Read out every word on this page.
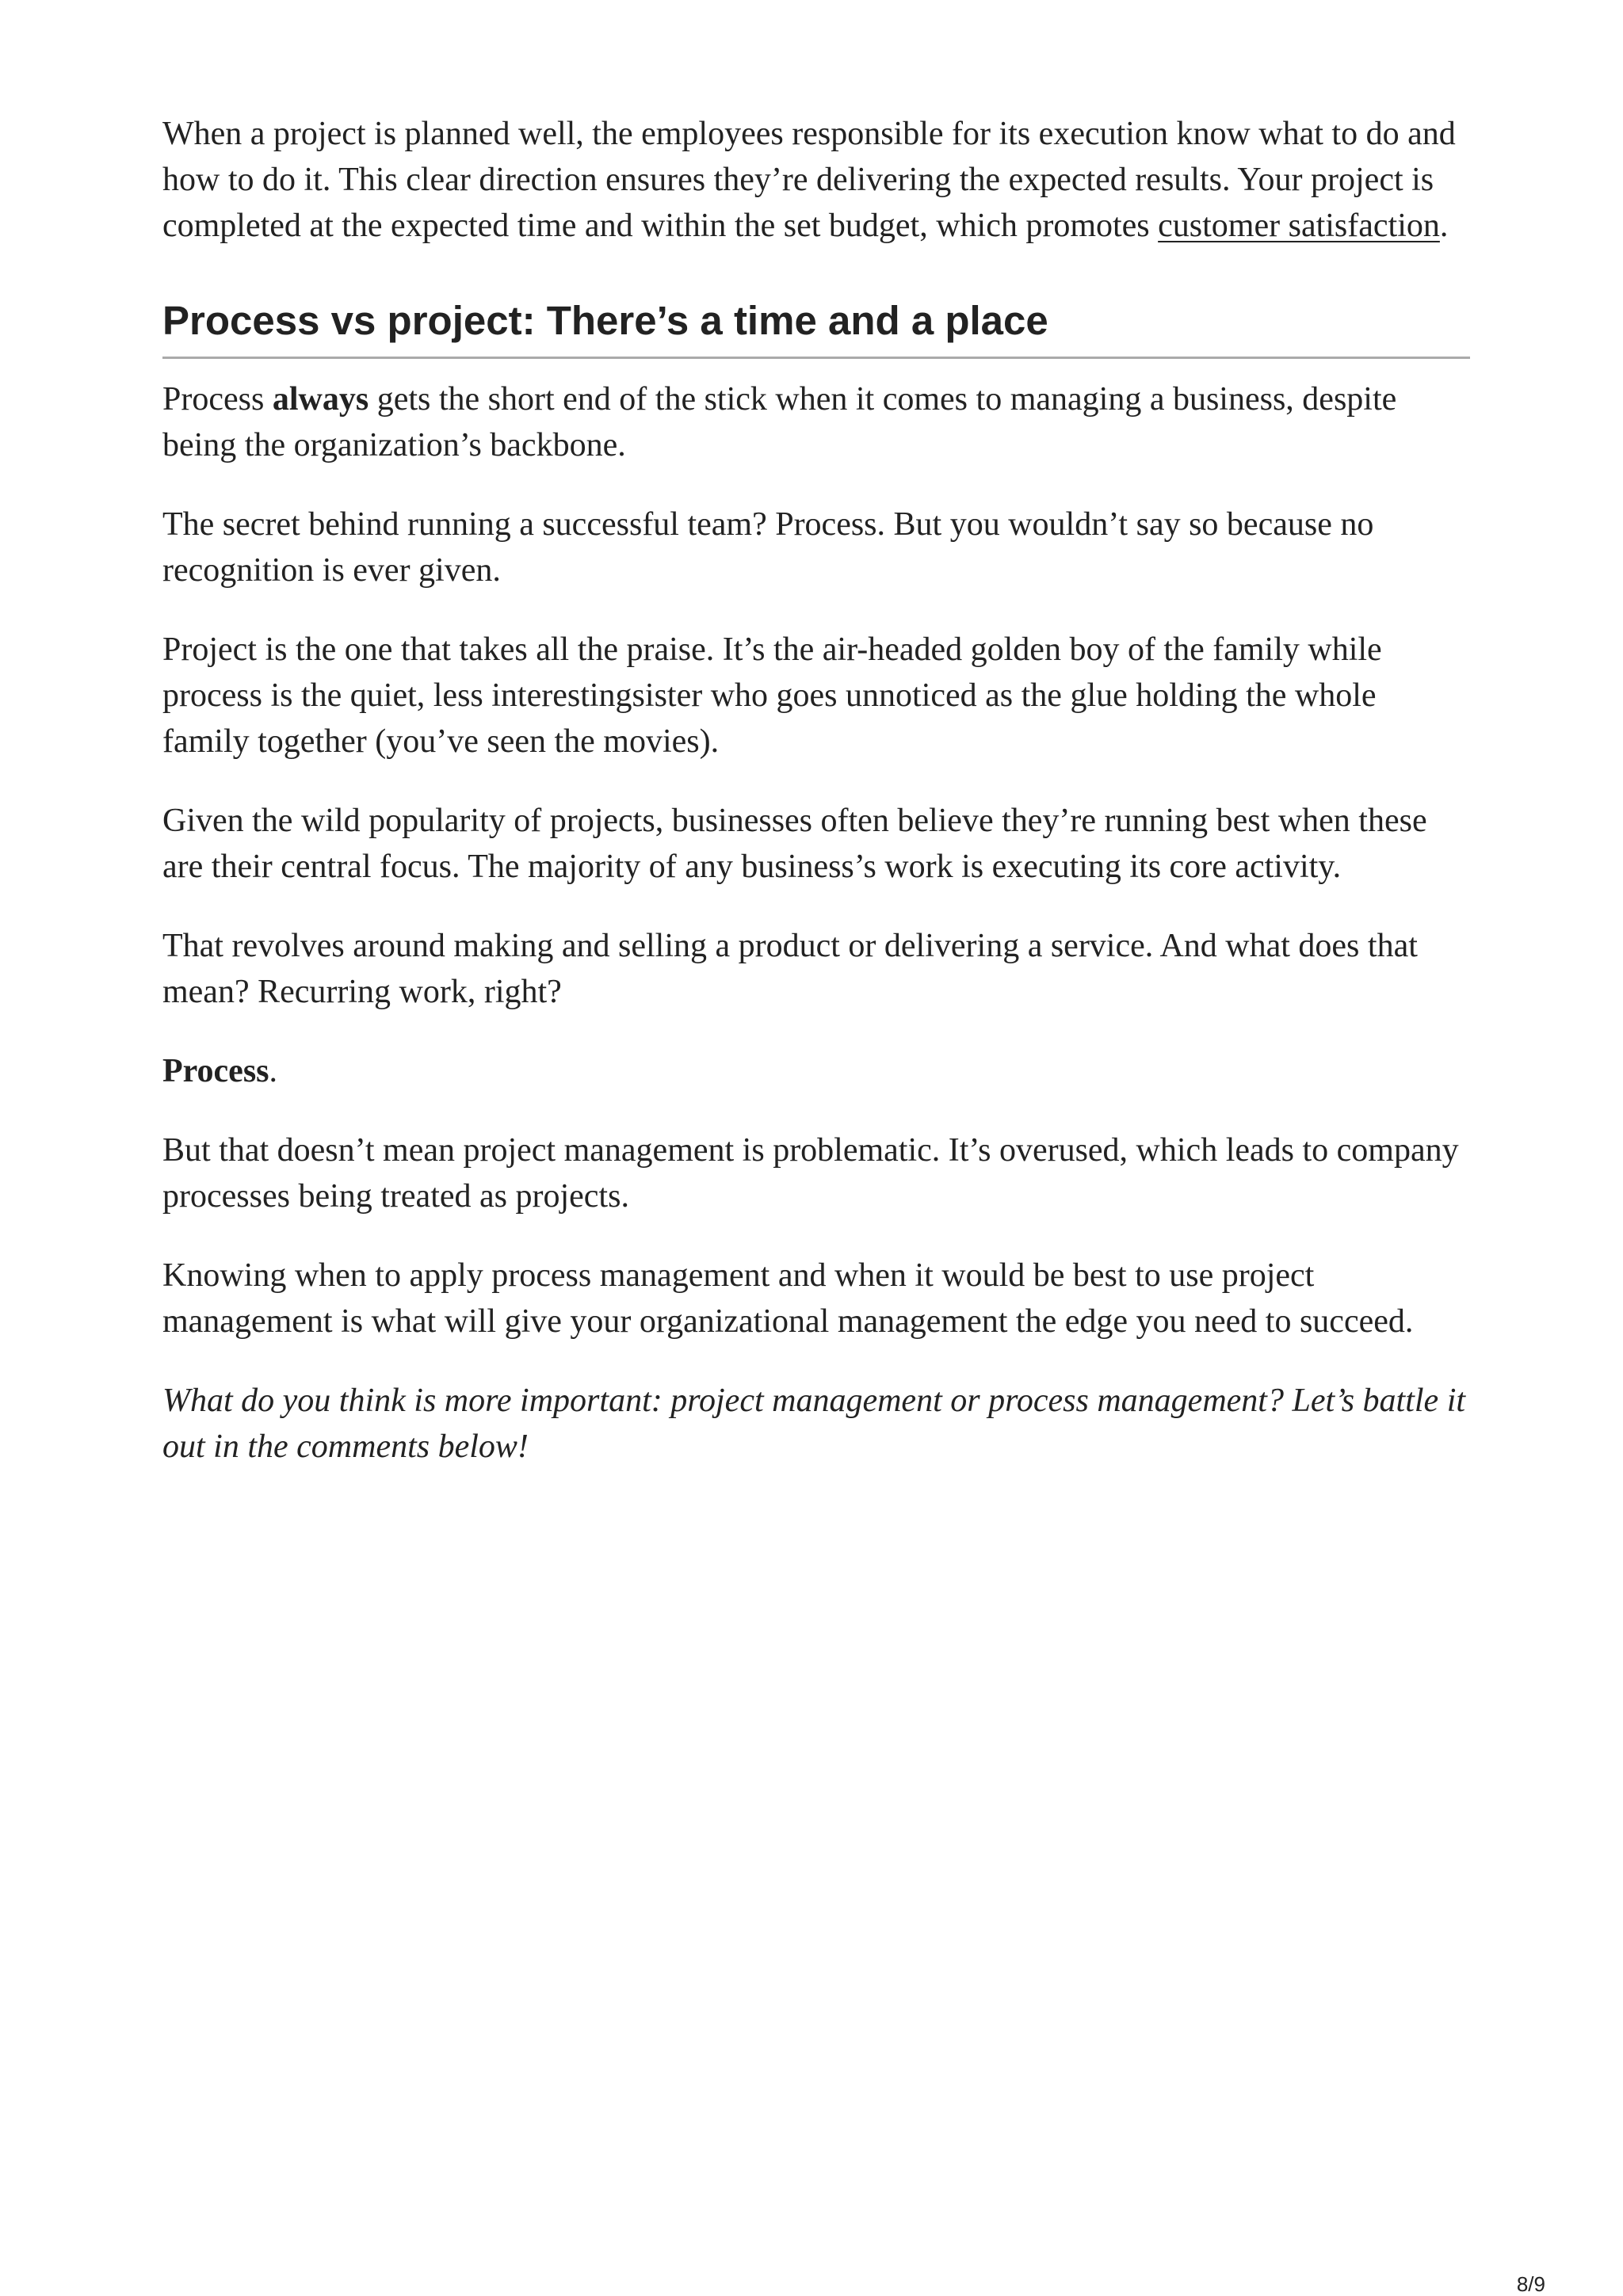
When a project is planned well, the employees responsible for its execution know what to do and how to do it. This clear direction ensures they’re delivering the expected results. Your project is completed at the expected time and within the set budget, which promotes customer satisfaction.

Process vs project: There’s a time and a place

Process always gets the short end of the stick when it comes to managing a business, despite being the organization’s backbone.

The secret behind running a successful team? Process. But you wouldn’t say so because no recognition is ever given.

Project is the one that takes all the praise. It’s the air-headed golden boy of the family while process is the quiet, less interestingsister who goes unnoticed as the glue holding the whole family together (you’ve seen the movies).

Given the wild popularity of projects, businesses often believe they’re running best when these are their central focus. The majority of any business’s work is executing its core activity.

That revolves around making and selling a product or delivering a service. And what does that mean? Recurring work, right?

Process.

But that doesn’t mean project management is problematic. It’s overused, which leads to company processes being treated as projects.

Knowing when to apply process management and when it would be best to use project management is what will give your organizational management the edge you need to succeed.

What do you think is more important: project management or process management? Let’s battle it out in the comments below!

8/9
